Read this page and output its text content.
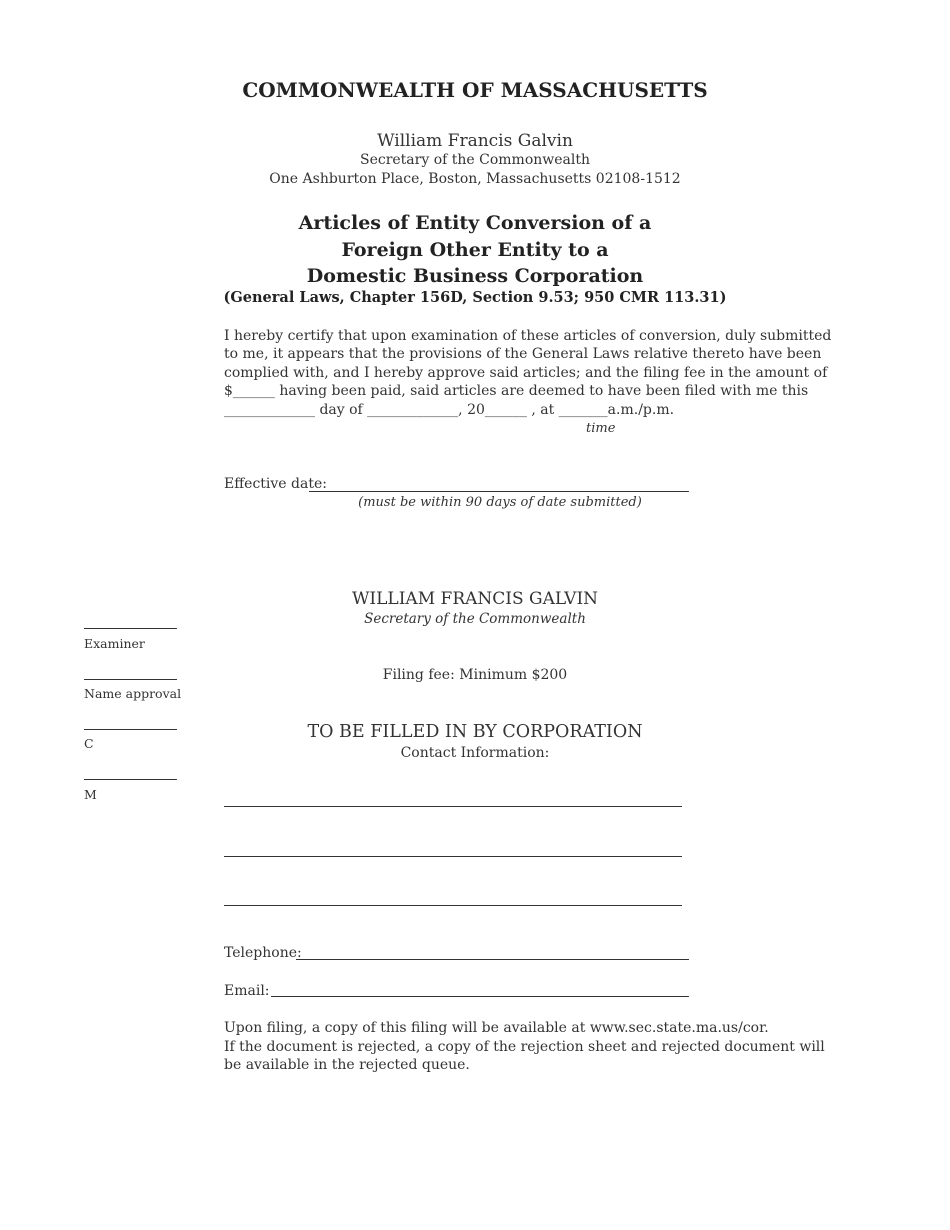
COMMONWEALTH OF MASSACHUSETTS
William Francis Galvin
Secretary of the Commonwealth
One Ashburton Place, Boston, Massachusetts 02108-1512
Articles of Entity Conversion of a
Foreign Other Entity to a
Domestic Business Corporation
(General Laws, Chapter 156D, Section 9.53; 950 CMR 113.31)
I hereby certify that upon examination of these articles of conversion, duly submitted
to me, it appears that the provisions of the General Laws relative thereto have been
complied with, and I hereby approve said articles; and the filing fee in the amount of
$______ having been paid, said articles are deemed to have been filed with me this
_____________ day of _____________, 20______ , at _______a.m./p.m.
time
Effective date:
(must be within 90 days of date submitted)
WILLIAM FRANCIS GALVIN
Secretary of the Commonwealth
Filing fee: Minimum $200
Examiner
Name approval
C
M
TO BE FILLED IN BY CORPORATION
Contact Information:
Telephone:
Email:
Upon filing, a copy of this filing will be available at www.sec.state.ma.us/cor.
If the document is rejected, a copy of the rejection sheet and rejected document will
be available in the rejected queue.
